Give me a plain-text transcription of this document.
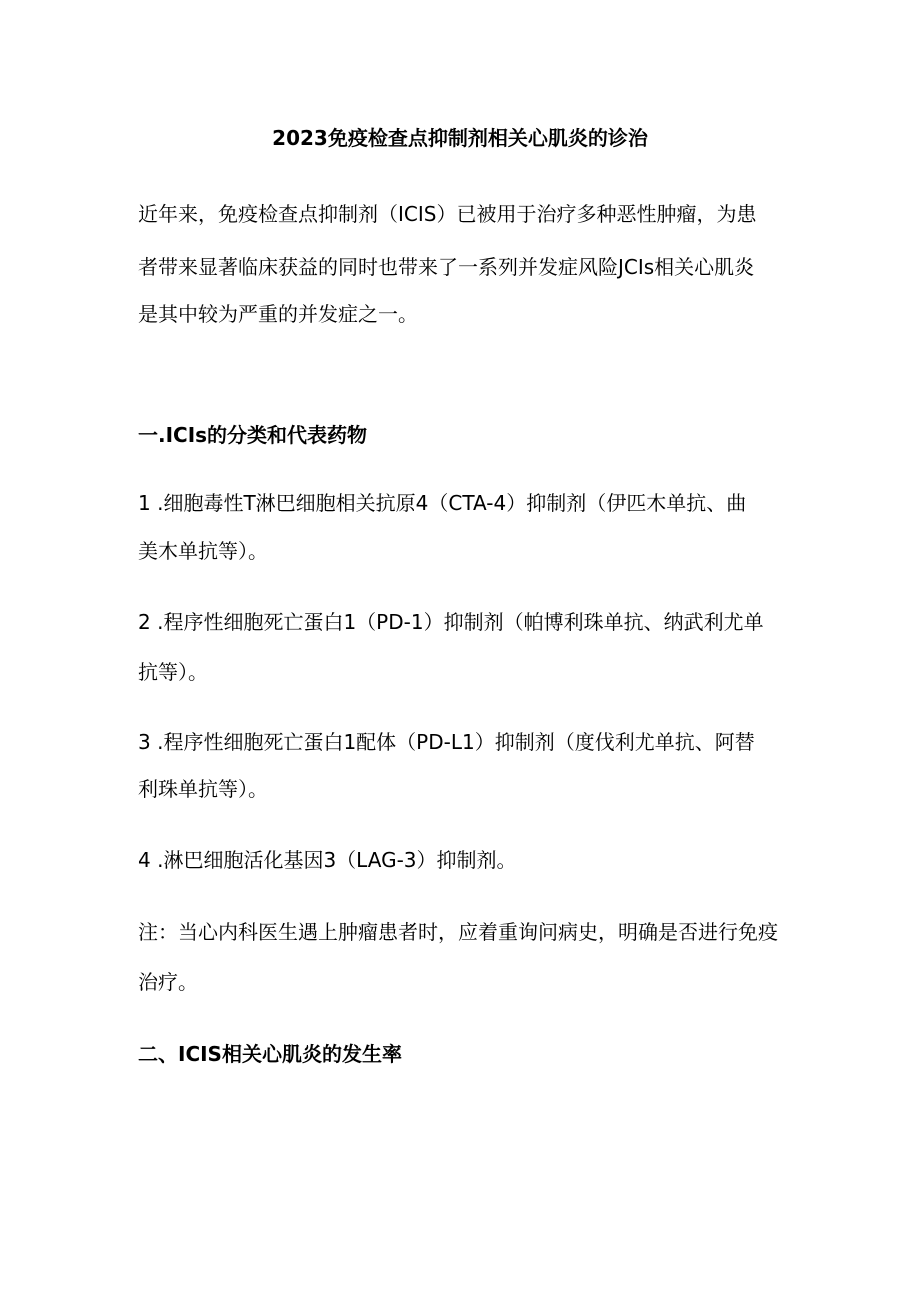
2023免疫检查点抑制剂相关心肌炎的诊治
近年来，免疫检查点抑制剂（ICIS）已被用于治疗多种恶性肿瘤，为患
者带来显著临床获益的同时也带来了一系列并发症风险JCIs相关心肌炎
是其中较为严重的并发症之一。
一.ICIs的分类和代表药物
1 .细胞毒性T淋巴细胞相关抗原4（CTA-4）抑制剂（伊匹木单抗、曲
美木单抗等）。
2 .程序性细胞死亡蛋白1（PD-1）抑制剂（帕博利珠单抗、纳武利尤单
抗等）。
3 .程序性细胞死亡蛋白1配体（PD-L1）抑制剂（度伐利尤单抗、阿替
利珠单抗等）。
4 .淋巴细胞活化基因3（LAG-3）抑制剂。
注：当心内科医生遇上肿瘤患者时，应着重询问病史，明确是否进行免疫
治疗。
二、ICIS相关心肌炎的发生率
